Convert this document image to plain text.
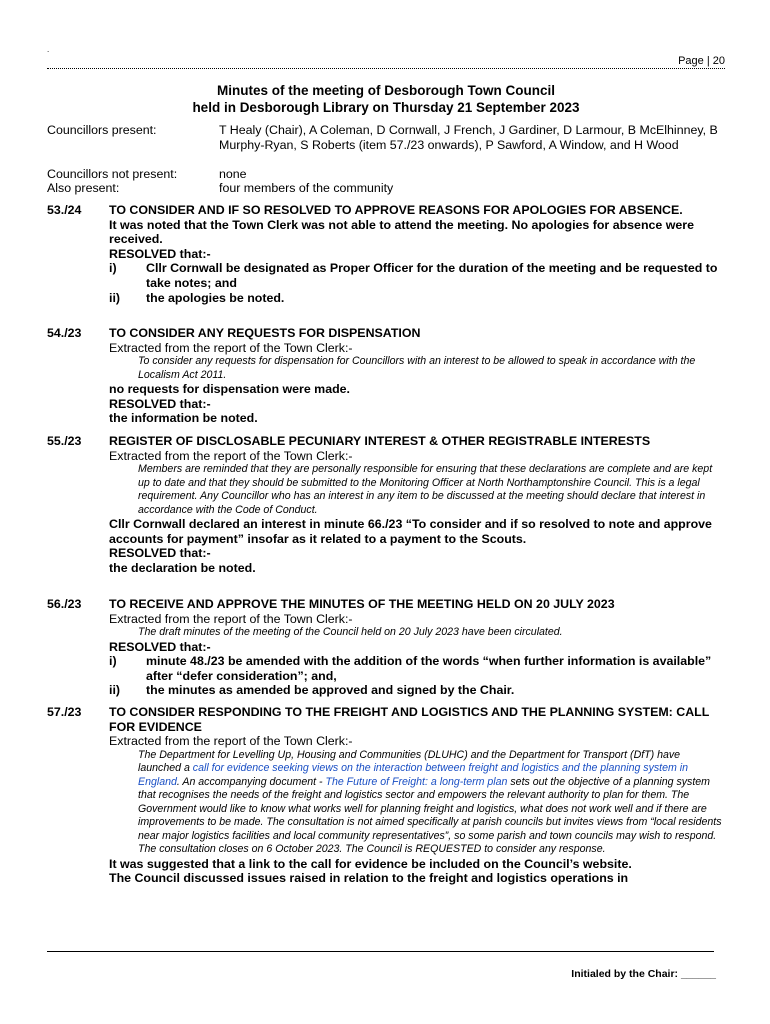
.
Page | 20
Minutes of the meeting of Desborough Town Council
held in Desborough Library on Thursday 21 September 2023
Councillors present:	T Healy (Chair), A Coleman, D Cornwall, J French, J Gardiner, D Larmour, B McElhinney, B Murphy-Ryan, S Roberts (item 57./23 onwards), P Sawford, A Window, and H Wood
Councillors not present:	none
Also present:	four members of the community
53./24 TO CONSIDER AND IF SO RESOLVED TO APPROVE REASONS FOR APOLOGIES FOR ABSENCE.
It was noted that the Town Clerk was not able to attend the meeting. No apologies for absence were received.
RESOLVED that:-
i) Cllr Cornwall be designated as Proper Officer for the duration of the meeting and be requested to take notes; and
ii) the apologies be noted.
54./23 TO CONSIDER ANY REQUESTS FOR DISPENSATION
Extracted from the report of the Town Clerk:-
To consider any requests for dispensation for Councillors with an interest to be allowed to speak in accordance with the Localism Act 2011.
no requests for dispensation were made.
RESOLVED that:-
the information be noted.
55./23 REGISTER OF DISCLOSABLE PECUNIARY INTEREST & OTHER REGISTRABLE INTERESTS
Extracted from the report of the Town Clerk:-
Members are reminded that they are personally responsible for ensuring that these declarations are complete and are kept up to date and that they should be submitted to the Monitoring Officer at North Northamptonshire Council. This is a legal requirement. Any Councillor who has an interest in any item to be discussed at the meeting should declare that interest in accordance with the Code of Conduct.
Cllr Cornwall declared an interest in minute 66./23 “To consider and if so resolved to note and approve accounts for payment” insofar as it related to a payment to the Scouts.
RESOLVED that:-
the declaration be noted.
56./23 TO RECEIVE AND APPROVE THE MINUTES OF THE MEETING HELD ON 20 JULY 2023
Extracted from the report of the Town Clerk:-
The draft minutes of the meeting of the Council held on 20 July 2023 have been circulated.
RESOLVED that:-
i) minute 48./23 be amended with the addition of the words “when further information is available” after “defer consideration”; and,
ii) the minutes as amended be approved and signed by the Chair.
57./23 TO CONSIDER RESPONDING TO THE FREIGHT AND LOGISTICS AND THE PLANNING SYSTEM: CALL FOR EVIDENCE
Extracted from the report of the Town Clerk:-
The Department for Levelling Up, Housing and Communities (DLUHC) and the Department for Transport (DfT) have launched a call for evidence seeking views on the interaction between freight and logistics and the planning system in England. An accompanying document - The Future of Freight: a long-term plan sets out the objective of a planning system that recognises the needs of the freight and logistics sector and empowers the relevant authority to plan for them. The Government would like to know what works well for planning freight and logistics, what does not work well and if there are improvements to be made. The consultation is not aimed specifically at parish councils but invites views from “local residents near major logistics facilities and local community representatives”, so some parish and town councils may wish to respond. The consultation closes on 6 October 2023. The Council is REQUESTED to consider any response.
It was suggested that a link to the call for evidence be included on the Council’s website.
The Council discussed issues raised in relation to the freight and logistics operations in
Initialed by the Chair: ______
